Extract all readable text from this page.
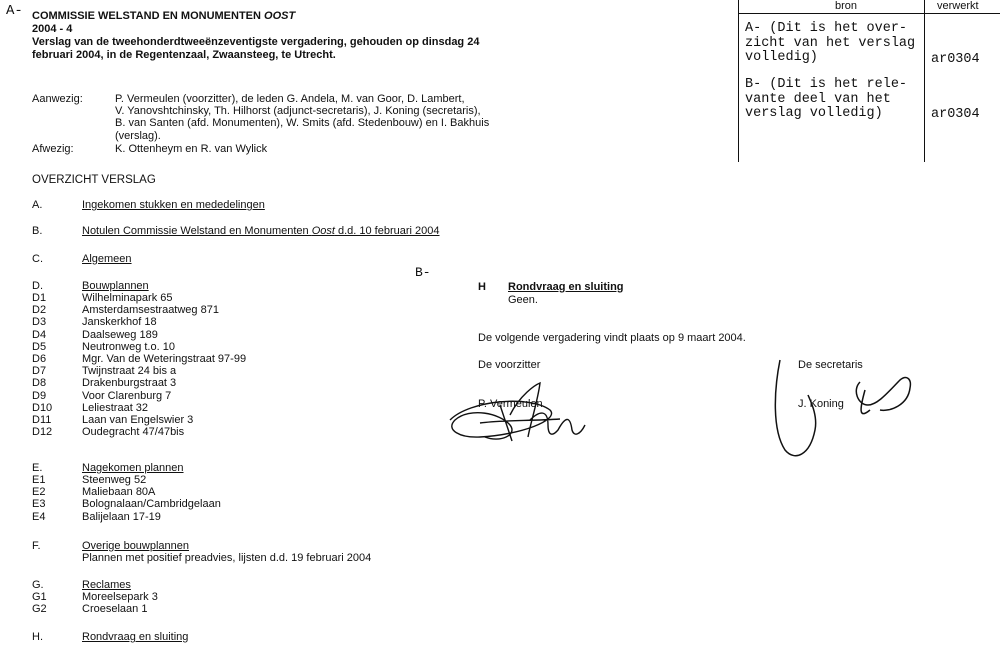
A-
B-
COMMISSIE WELSTAND EN MONUMENTEN OOST
2004 - 4
Verslag van de tweehonderdtweeënzeventigste vergadering, gehouden op dinsdag 24
februari 2004, in de Regentenzaal, Zwaansteeg, te Utrecht.
Aanwezig:	P. Vermeulen (voorzitter), de leden G. Andela, M. van Goor, D. Lambert,
V. Yanovshtchinsky, Th. Hilhorst (adjunct-secretaris), J. Koning (secretaris),
B. van Santen (afd. Monumenten), W. Smits (afd. Stedenbouw) en I. Bakhuis
(verslag).
Afwezig:	K. Ottenheym en R. van Wylick
OVERZICHT VERSLAG
A.	Ingekomen stukken en mededelingen
B.	Notulen Commissie Welstand en Monumenten Oost d.d. 10 februari 2004
C.	Algemeen
D.	Bouwplannen
D1	Wilhelminapark 65
D2	Amsterdamsestraatweg 871
D3	Janskerkhof 18
D4	Daalseweg 189
D5	Neutronweg t.o. 10
D6	Mgr. Van de Weteringstraat 97-99
D7	Twijnstraat 24 bis a
D8	Drakenburgstraat 3
D9	Voor Clarenburg 7
D10	Leliestraat 32
D11	Laan van Engelswier 3
D12	Oudegracht 47/47bis
E.	Nagekomen plannen
E1	Steenweg 52
E2	Maliebaan 80A
E3	Bolognalaan/Cambridgelaan
E4	Balijelaan 17-19
F.	Overige bouwplannen
Plannen met positief preadvies, lijsten d.d. 19 februari 2004
G.	Reclames
G1	Moreelsepark 3
G2	Croeselaan 1
H.	Rondvraag en sluiting
H Rondvraag en sluiting
Geen.
De volgende vergadering vindt plaats op 9 maart 2004.
De voorzitter
P. Vermeulen
De secretaris
J. Koning
bron	verwerkt
A- (Dit is het over-
zicht van het verslag
volledig)	ar0304
B- (Dit is het rele-
vante deel van het
verslag volledig)	ar0304
